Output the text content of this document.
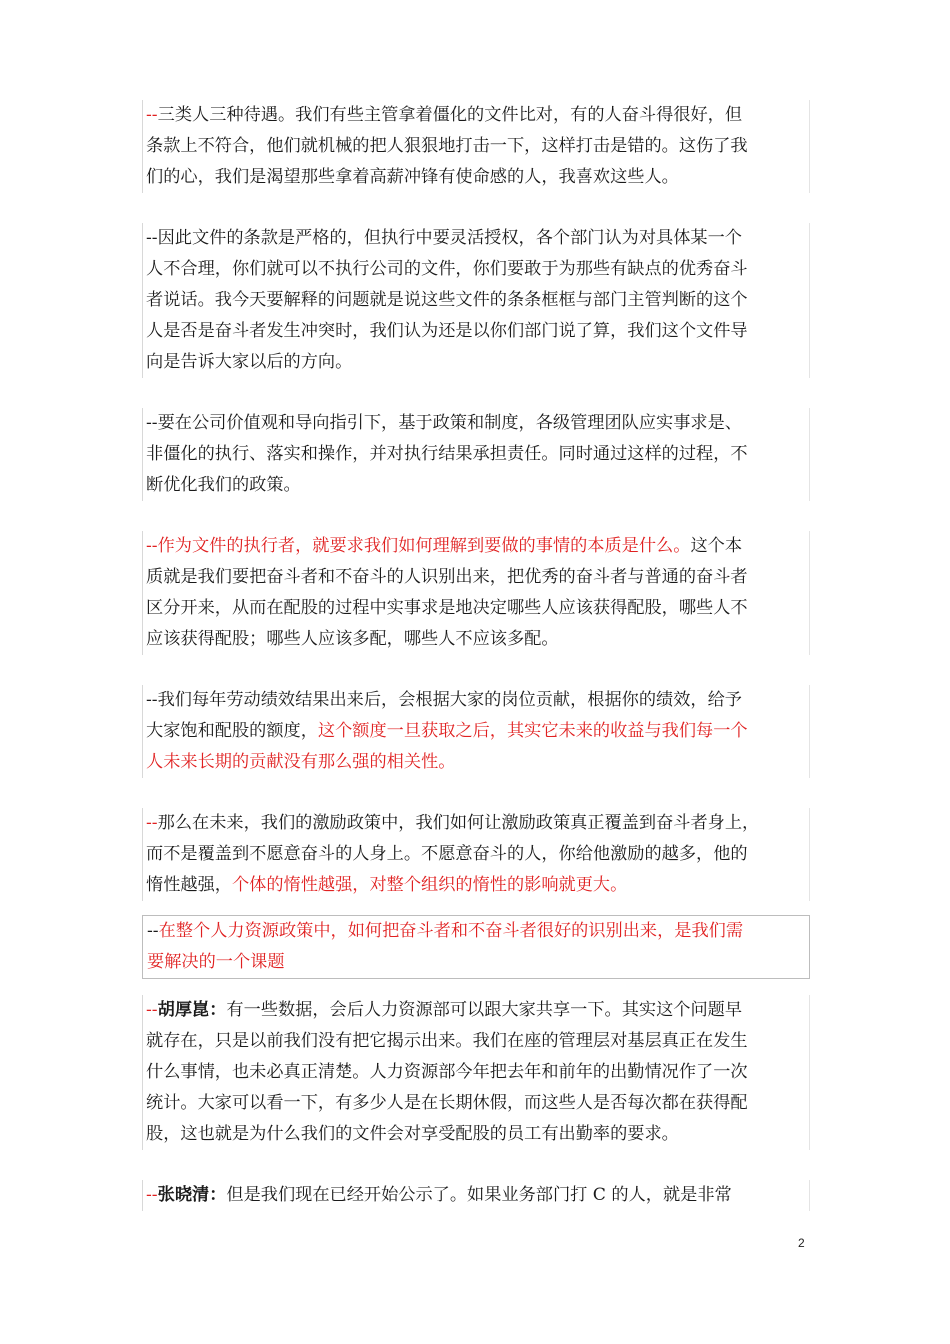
--三类人三种待遇。我们有些主管拿着僵化的文件比对，有的人奋斗得很好，但
条款上不符合，他们就机械的把人狠狠地打击一下，这样打击是错的。这伤了我
们的心，我们是渴望那些拿着高薪冲锋有使命感的人，我喜欢这些人。
--因此文件的条款是严格的，但执行中要灵活授权，各个部门认为对具体某一个
人不合理，你们就可以不执行公司的文件，你们要敢于为那些有缺点的优秀奋斗
者说话。我今天要解释的问题就是说这些文件的条条框框与部门主管判断的这个
人是否是奋斗者发生冲突时，我们认为还是以你们部门说了算，我们这个文件导
向是告诉大家以后的方向。
--要在公司价值观和导向指引下，基于政策和制度，各级管理团队应实事求是、
非僵化的执行、落实和操作，并对执行结果承担责任。同时通过这样的过程，不
断优化我们的政策。
--作为文件的执行者，就要求我们如何理解到要做的事情的本质是什么。这个本
质就是我们要把奋斗者和不奋斗的人识别出来，把优秀的奋斗者与普通的奋斗者
区分开来，从而在配股的过程中实事求是地决定哪些人应该获得配股，哪些人不
应该获得配股；哪些人应该多配，哪些人不应该多配。
--我们每年劳动绩效结果出来后，会根据大家的岗位贡献，根据你的绩效，给予
大家饱和配股的额度，这个额度一旦获取之后，其实它未来的收益与我们每一个
人未来长期的贡献没有那么强的相关性。
--那么在未来，我们的激励政策中，我们如何让激励政策真正覆盖到奋斗者身上，
而不是覆盖到不愿意奋斗的人身上。不愿意奋斗的人，你给他激励的越多，他的
惰性越强，个体的惰性越强，对整个组织的惰性的影响就更大。
--在整个人力资源政策中，如何把奋斗者和不奋斗者很好的识别出来，是我们需
要解决的一个课题
--胡厚崑：有一些数据，会后人力资源部可以跟大家共享一下。其实这个问题早
就存在，只是以前我们没有把它揭示出来。我们在座的管理层对基层真正在发生
什么事情，也未必真正清楚。人力资源部今年把去年和前年的出勤情况作了一次
统计。大家可以看一下，有多少人是在长期休假，而这些人是否每次都在获得配
股，这也就是为什么我们的文件会对享受配股的员工有出勤率的要求。
--张晓清：但是我们现在已经开始公示了。如果业务部门打 C 的人，就是非常
2
